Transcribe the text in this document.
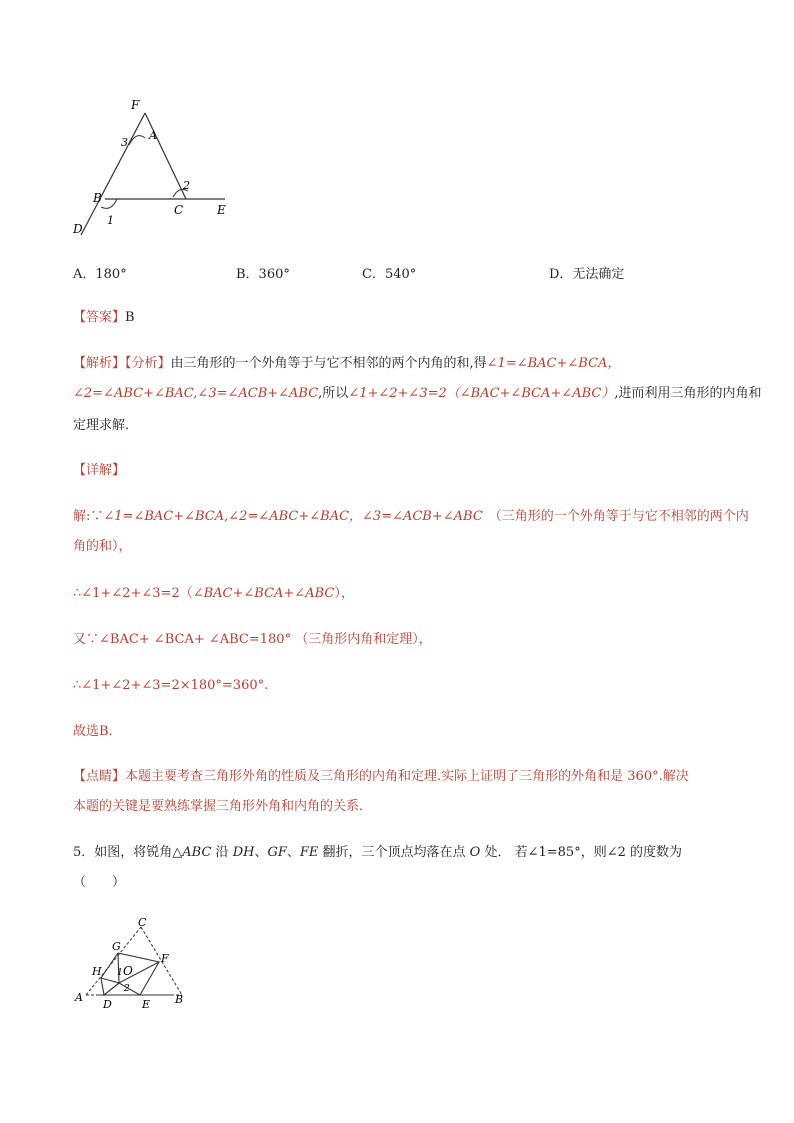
F
A
3
2
B
C	E
1
D
A．180°	B．360°	C．540°	D．无法确定
【答案】B
【解析】【分析】由三角形的一个外角等于与它不相邻的两个内角的和,得∠1=∠BAC+∠BCA，
∠2=∠ABC+∠BAC,∠3=∠ACB+∠ABC,所以∠1+∠2+∠3=2（∠BAC+∠BCA+∠ABC）,进而利用三角形的内角和
定理求解．
【详解】
解:∵∠1=∠BAC+∠BCA,∠2=∠ABC+∠BAC，∠3=∠ACB+∠ABC （三角形的一个外角等于与它不相邻的两个内
角的和），
∴∠1+∠2+∠3=2（∠BAC+∠BCA+∠ABC），
又∵∠BAC+ ∠BCA+ ∠ABC=180° （三角形内角和定理），
∴∠1+∠2+∠3=2×180°=360°.
故选B．
【点睛】本题主要考查三角形外角的性质及三角形的内角和定理.实际上证明了三角形的外角和是 360°.解决
本题的关键是要熟练掌握三角形外角和内角的关系．
5．如图，将锐角△ABC 沿 DH、GF、FE 翻折，三个顶点均落在点 O 处． 若∠1=85°，则∠2 的度数为
（　　）
C
G
F
H 1 O
2
A
D	E B
